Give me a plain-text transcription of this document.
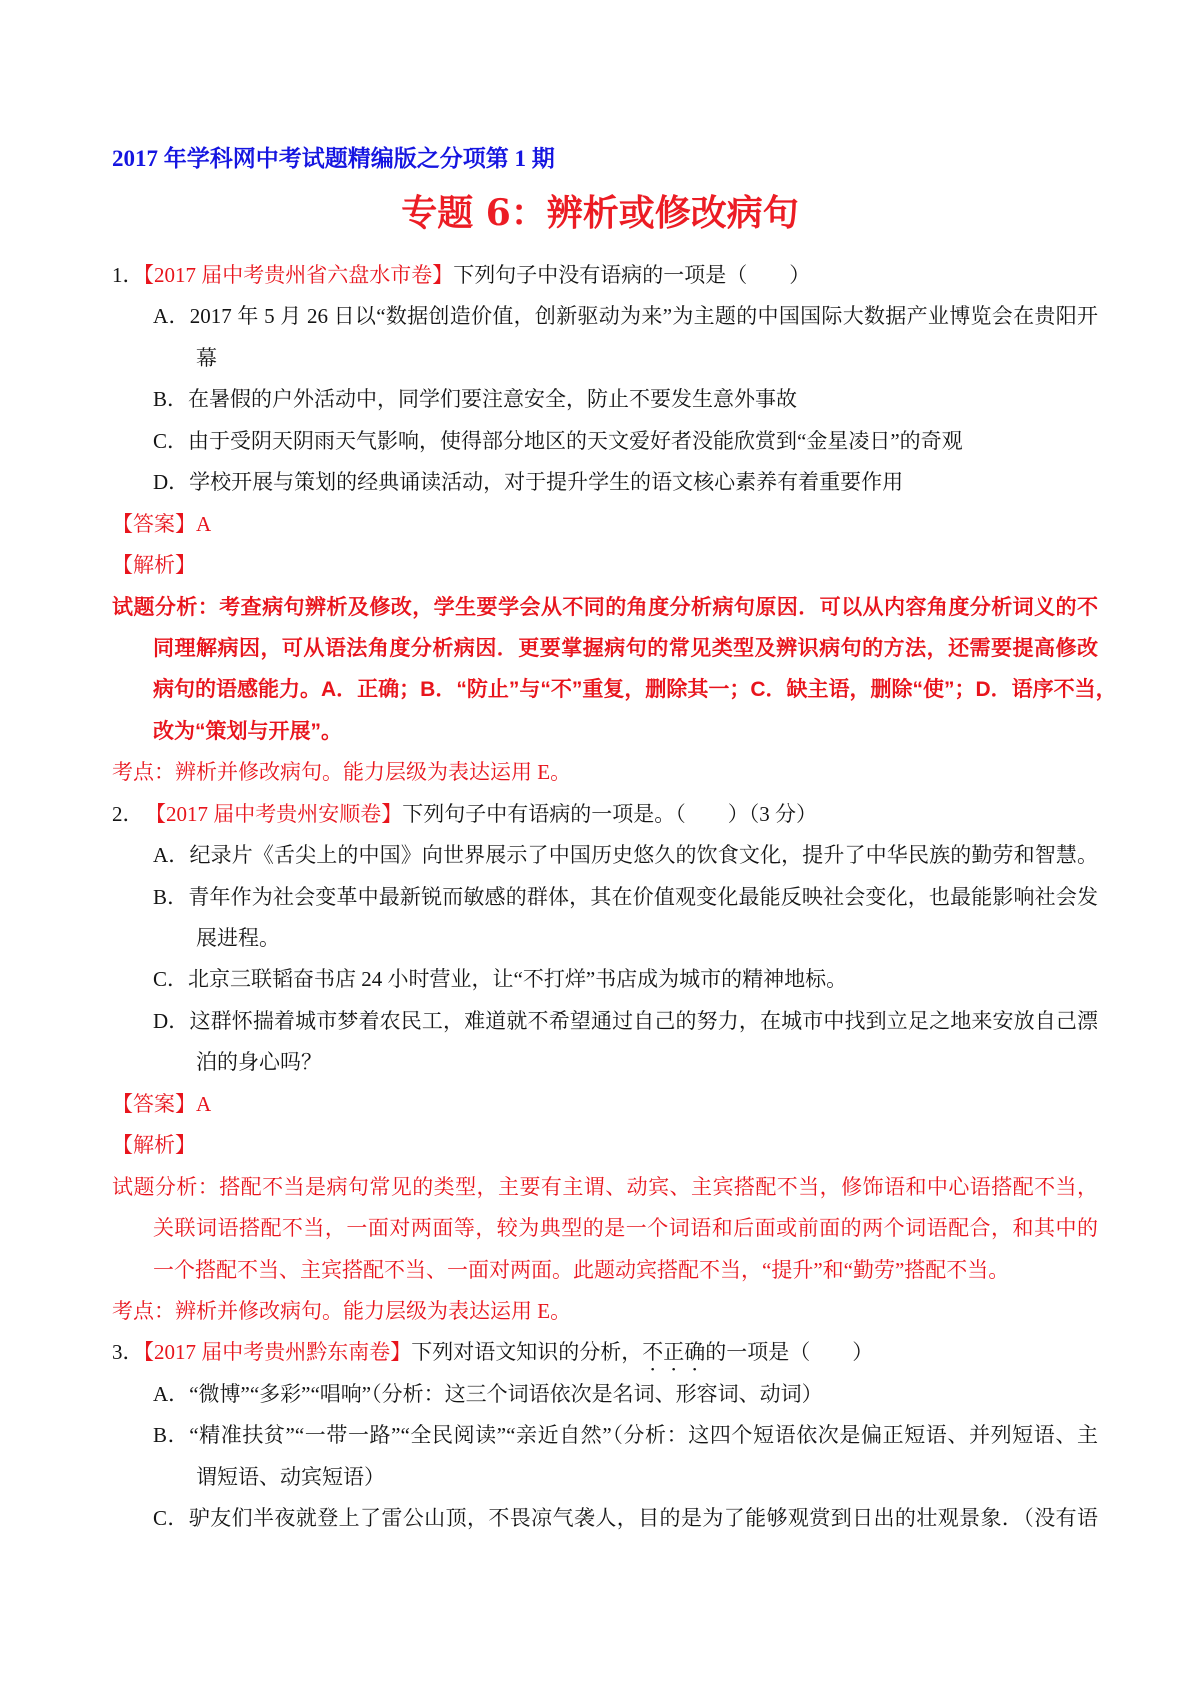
2017 年学科网中考试题精编版之分项第 1 期
专题 6：辨析或修改病句
1．【2017 届中考贵州省六盘水市卷】下列句子中没有语病的一项是（　　）
A．2017 年 5 月 26 日以“数据创造价值，创新驱动为来”为主题的中国国际大数据产业博览会在贵阳开
幕
B．在暑假的户外活动中，同学们要注意安全，防止不要发生意外事故
C．由于受阴天阴雨天气影响，使得部分地区的天文爱好者没能欣赏到“金星凌日”的奇观
D．学校开展与策划的经典诵读活动，对于提升学生的语文核心素养有着重要作用
【答案】A
【解析】
试题分析：考查病句辨析及修改，学生要学会从不同的角度分析病句原因．可以从内容角度分析词义的不
同理解病因，可从语法角度分析病因．更要掌握病句的常见类型及辨识病句的方法，还需要提高修改
病句的语感能力。A．正确；B．“防止”与“不”重复，删除其一；C．缺主语，删除“使”；D．语序不当，
改为“策划与开展”。
考点：辨析并修改病句。能力层级为表达运用 E。
2． 【2017 届中考贵州安顺卷】下列句子中有语病的一项是。（　　）（3 分）
A．纪录片《舌尖上的中国》向世界展示了中国历史悠久的饮食文化，提升了中华民族的勤劳和智慧。
B．青年作为社会变革中最新锐而敏感的群体，其在价值观变化最能反映社会变化，也最能影响社会发
展进程。
C．北京三联韬奋书店 24 小时营业，让“不打烊”书店成为城市的精神地标。
D．这群怀揣着城市梦着农民工，难道就不希望通过自己的努力，在城市中找到立足之地来安放自己漂
泊的身心吗？
【答案】A
【解析】
试题分析：搭配不当是病句常见的类型，主要有主谓、动宾、主宾搭配不当，修饰语和中心语搭配不当，
关联词语搭配不当，一面对两面等，较为典型的是一个词语和后面或前面的两个词语配合，和其中的
一个搭配不当、主宾搭配不当、一面对两面。此题动宾搭配不当，“提升”和“勤劳”搭配不当。
考点：辨析并修改病句。能力层级为表达运用 E。
3．【2017 届中考贵州黔东南卷】下列对语文知识的分析，不正确的一项是（　　）
A．“微博”“多彩”“唱响”（分析：这三个词语依次是名词、形容词、动词）
B．“精准扶贫”“一带一路”“全民阅读”“亲近自然”（分析：这四个短语依次是偏正短语、并列短语、主
谓短语、动宾短语）
C．驴友们半夜就登上了雷公山顶，不畏凉气袭人，目的是为了能够观赏到日出的壮观景象．（没有语
